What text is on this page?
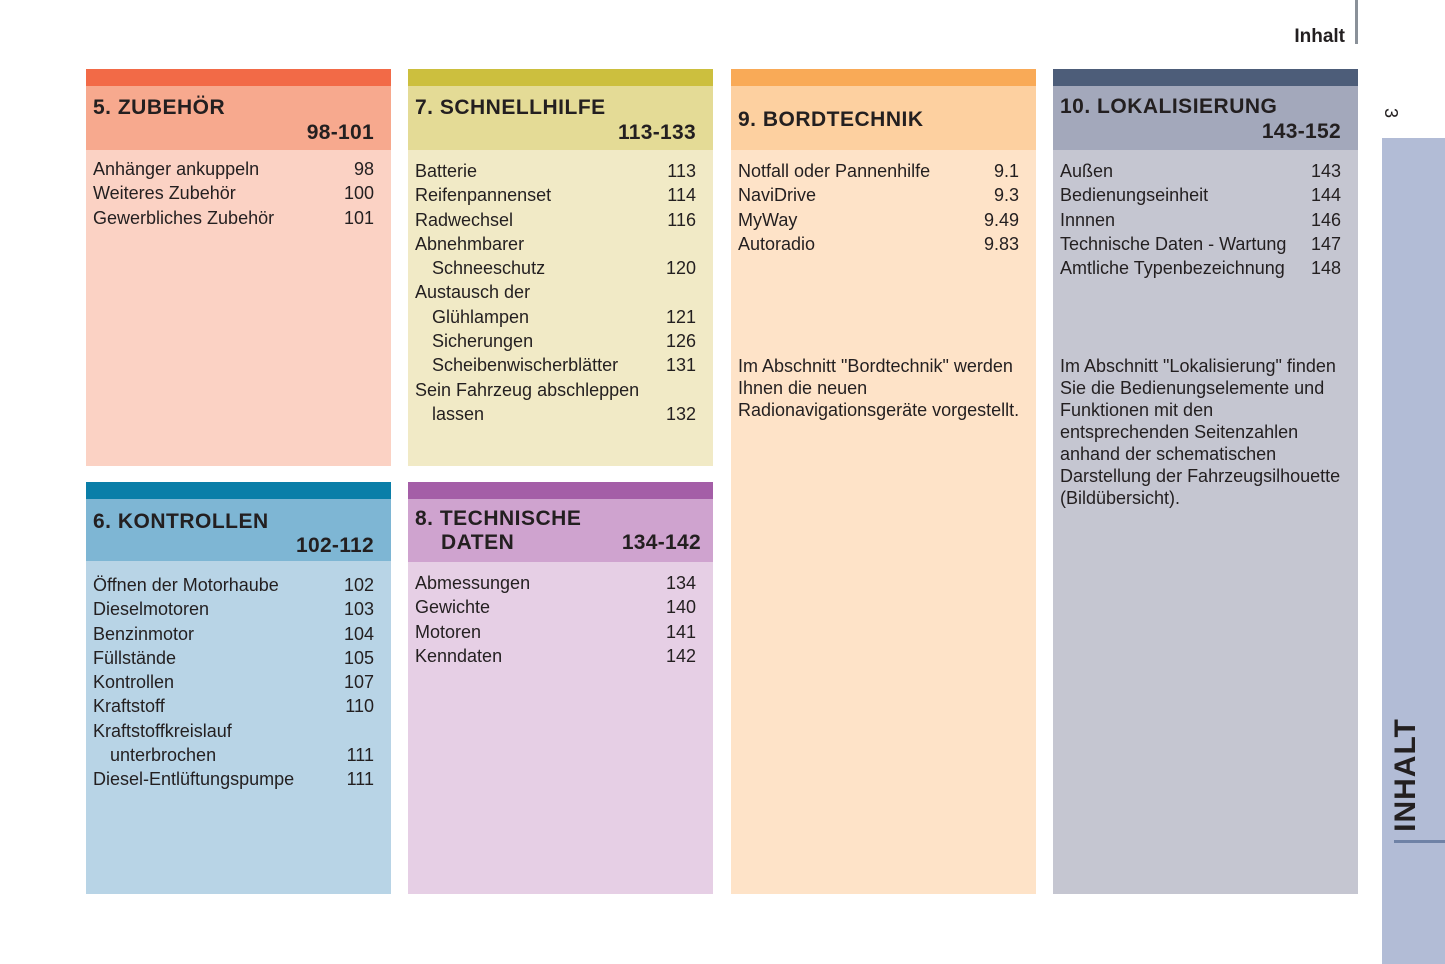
Inhalt
3
INHALT
5. ZUBEHÖR
98-101
Anhänger ankuppeln	98
Weiteres Zubehör	100
Gewerbliches Zubehör	101
6. KONTROLLEN
102-112
Öffnen der Motorhaube	102
Dieselmotoren	103
Benzinmotor	104
Füllstände	105
Kontrollen	107
Kraftstoff	110
Kraftstoffkreislauf
unterbrochen	111
Diesel-Entlüftungspumpe	111
7. SCHNELLHILFE
113-133
Batterie	113
Reifenpannenset	114
Radwechsel	116
Abnehmbarer
Schneeschutz	120
Austausch der
Glühlampen	121
Sicherungen	126
Scheibenwischerblätter	131
Sein Fahrzeug abschleppen
lassen	132
8. TECHNISCHE
DATEN	134-142
Abmessungen	134
Gewichte	140
Motoren	141
Kenndaten	142
9. BORDTECHNIK
Notfall oder Pannenhilfe	9.1
NaviDrive	9.3
MyWay	9.49
Autoradio	9.83
Im Abschnitt "Bordtechnik" werden Ihnen die neuen Radionavigationsgeräte vorgestellt.
10. LOKALISIERUNG
143-152
Außen	143
Bedienungseinheit	144
Innnen	146
Technische Daten - Wartung 147
Amtliche Typenbezeichnung 148
Im Abschnitt "Lokalisierung" finden Sie die Bedienungselemente und Funktionen mit den entsprechenden Seitenzahlen anhand der schematischen Darstellung der Fahrzeugsilhouette (Bildübersicht).
